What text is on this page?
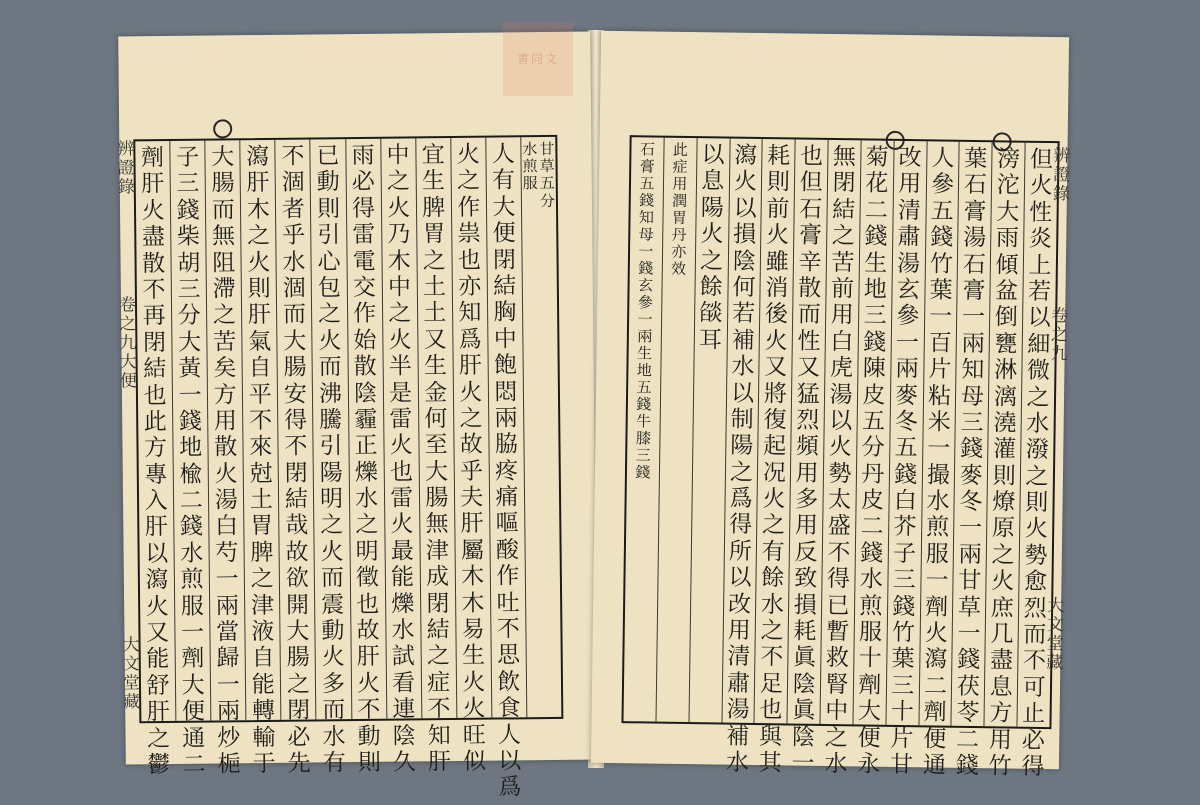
甘
草
五
分
水
煎
服
人
有
大
便
閉
結
胸
中
飽
悶
兩
脇
疼
痛
嘔
酸
作
吐
不
思
飲
食
人
以
爲
火
之
作
祟
也
亦
知
爲
肝
火
之
故
乎
夫
肝
屬
木
木
易
生
火
火
旺
似
宜
生
脾
胃
之
土
土
又
生
金
何
至
大
腸
無
津
成
閉
結
之
症
不
知
肝
中
之
火
乃
木
中
之
火
半
是
雷
火
也
雷
火
最
能
爍
水
試
看
連
陰
久
雨
必
得
雷
電
交
作
始
散
陰
霾
正
爍
水
之
明
徵
也
故
肝
火
不
動
則
已
動
則
引
心
包
之
火
而
沸
騰
引
陽
明
之
火
而
震
動
火
多
而
水
有
不
涸
者
乎
水
涸
而
大
腸
安
得
不
閉
結
哉
故
欲
開
大
腸
之
閉
必
先
瀉
肝
木
之
火
則
肝
氣
自
平
不
來
尅
土
胃
脾
之
津
液
自
能
轉
輸
于
大
腸
而
無
阻
滯
之
苦
矣
方
用
散
火
湯
白
芍
一
兩
當
歸
一
兩
炒
梔
子
三
錢
柴
胡
三
分
大
黃
一
錢
地
楡
二
錢
水
煎
服
一
劑
大
便
通
二
劑
肝
火
盡
散
不
再
閉
結
也
此
方
專
入
肝
以
瀉
火
又
能
舒
肝
之
鬱
辨
證
錄
卷
之
九
大
便
大
文
堂
藏
但
火
性
炎
上
若
以
細
微
之
水
潑
之
則
火
勢
愈
烈
而
不
可
止
必
得
滂
沱
大
雨
傾
盆
倒
甕
淋
漓
澆
灌
則
燎
原
之
火
庶
几
盡
息
方
用
竹
葉
石
膏
湯
石
膏
一
兩
知
母
三
錢
麥
冬
一
兩
甘
草
一
錢
茯
苓
二
錢
人
參
五
錢
竹
葉
一
百
片
粘
米
一
撮
水
煎
服
一
劑
火
瀉
二
劑
便
通
改
用
清
肅
湯
玄
參
一
兩
麥
冬
五
錢
白
芥
子
三
錢
竹
葉
三
十
片
甘
菊
花
二
錢
生
地
三
錢
陳
皮
五
分
丹
皮
二
錢
水
煎
服
十
劑
大
便
永
無
閉
結
之
苦
前
用
白
虎
湯
以
火
勢
太
盛
不
得
已
暫
救
腎
中
之
水
也
但
石
膏
辛
散
而
性
又
猛
烈
頻
用
多
用
反
致
損
耗
眞
陰
眞
陰
一
耗
則
前
火
雖
消
後
火
又
將
復
起
况
火
之
有
餘
水
之
不
足
也
與
其
瀉
火
以
損
陰
何
若
補
水
以
制
陽
之
爲
得
所
以
改
用
清
肅
湯
補
水
以
息
陽
火
之
餘
燄
耳
此
症
用
潤
胃
丹
亦
效
石
膏
五
錢
知
母
一
錢
玄
參
一
兩
生
地
五
錢
牛
膝
三
錢
辨
證
錄
卷
之
九
大
文
堂
藏
書同文
